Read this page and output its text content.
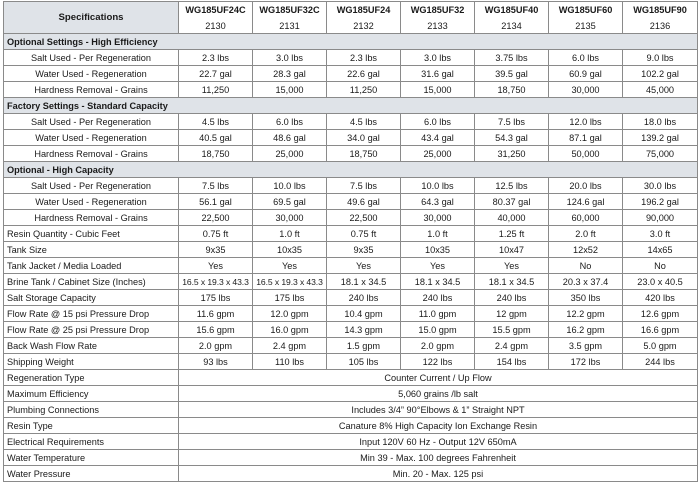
Specifications	WG185UF24C	WG185UF32C	WG185UF24	WG185UF32	WG185UF40	WG185UF60	WG185UF90
	2130	2131	2132	2133	2134	2135	2136
Optional Settings - High Efficiency							
Salt Used - Per Regeneration	2.3 lbs	3.0 lbs	2.3 lbs	3.0 lbs	3.75 lbs	6.0 lbs	9.0 lbs
Water Used - Regeneration	22.7 gal	28.3 gal	22.6 gal	31.6 gal	39.5 gal	60.9 gal	102.2 gal
Hardness Removal - Grains	11,250	15,000	11,250	15,000	18,750	30,000	45,000
Factory Settings - Standard Capacity							
Salt Used - Per Regeneration	4.5 lbs	6.0 lbs	4.5 lbs	6.0 lbs	7.5 lbs	12.0 lbs	18.0 lbs
Water Used - Regeneration	40.5 gal	48.6 gal	34.0 gal	43.4 gal	54.3 gal	87.1 gal	139.2 gal
Hardness Removal - Grains	18,750	25,000	18,750	25,000	31,250	50,000	75,000
Optional - High Capacity							
Salt Used - Per Regeneration	7.5 lbs	10.0 lbs	7.5 lbs	10.0 lbs	12.5 lbs	20.0 lbs	30.0 lbs
Water Used - Regeneration	56.1 gal	69.5 gal	49.6 gal	64.3 gal	80.37 gal	124.6 gal	196.2 gal
Hardness Removal - Grains	22,500	30,000	22,500	30,000	40,000	60,000	90,000
Resin Quantity - Cubic Feet	0.75 ft	1.0 ft	0.75 ft	1.0 ft	1.25 ft	2.0 ft	3.0 ft
Tank Size	9x35	10x35	9x35	10x35	10x47	12x52	14x65
Tank Jacket / Media Loaded	Yes	Yes	Yes	Yes	Yes	No	No
Brine Tank / Cabinet Size (Inches)	16.5 x 19.3 x 43.3	16.5 x 19.3 x 43.3	18.1 x 34.5	18.1 x 34.5	18.1 x 34.5	20.3 x 37.4	23.0 x 40.5
Salt Storage Capacity	175 lbs	175 lbs	240 lbs	240 lbs	240 lbs	350 lbs	420 lbs
Flow Rate @ 15 psi Pressure Drop	11.6 gpm	12.0 gpm	10.4 gpm	11.0 gpm	12 gpm	12.2 gpm	12.6 gpm
Flow Rate @ 25 psi Pressure Drop	15.6 gpm	16.0 gpm	14.3 gpm	15.0 gpm	15.5 gpm	16.2 gpm	16.6 gpm
Back Wash Flow Rate	2.0 gpm	2.4 gpm	1.5 gpm	2.0 gpm	2.4 gpm	3.5 gpm	5.0 gpm
Shipping Weight	93 lbs	110 lbs	105 lbs	122 lbs	154 lbs	172 lbs	244 lbs
Regeneration Type	Counter Current / Up Flow						
Maximum Efficiency	5,060 grains /lb salt						
Plumbing Connections	Includes 3/4” 90°Elbows & 1” Straight NPT						
Resin Type	Canature 8% High Capacity Ion Exchange Resin						
Electrical Requirements	Input 120V 60 Hz - Output 12V 650mA						
Water Temperature	Min 39 - Max. 100 degrees Fahrenheit						
Water Pressure	Min. 20 - Max. 125 psi						
